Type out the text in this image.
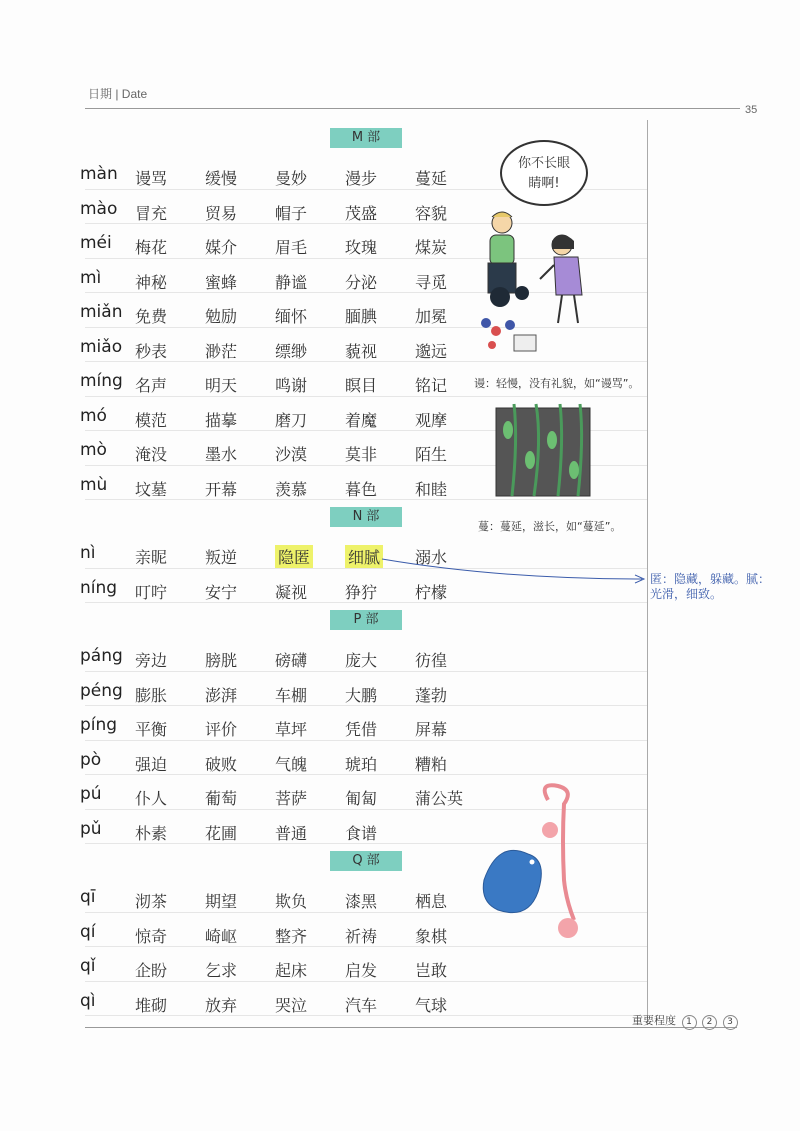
日期 | Date
35
M 部
màn 谩骂 缓慢 曼妙 漫步 蔓延
mào 冒充 贸易 帽子 茂盛 容貌
méi 梅花 媒介 眉毛 玫瑰 煤炭
mì 神秘 蜜蜂 静谧 分泌 寻觅
miǎn 免费 勉励 缅怀 腼腆 加冕
miǎo 秒表 渺茫 缥缈 藐视 邈远
míng 名声 明天 鸣谢 瞑目 铭记
mó 模范 描摹 磨刀 着魔 观摩
mò 淹没 墨水 沙漠 莫非 陌生
mù 坟墓 开幕 羡慕 暮色 和睦
N 部
nì 亲昵 叛逆	隐匿 细腻 溺水
níng 叮咛 安宁 凝视 狰狞 柠檬
P 部
páng 旁边 膀胱 磅礴 庞大 彷徨
péng 膨胀 澎湃 车棚 大鹏 蓬勃
píng 平衡 评价 草坪 凭借 屏幕
pò 强迫 破败 气魄 琥珀 糟粕
pú 仆人 葡萄 菩萨 匍匐 蒲公英
pǔ 朴素 花圃 普通 食谱
Q 部
qī 沏茶 期望 欺负 漆黑 栖息
qí 惊奇 崎岖 整齐 祈祷 象棋
qǐ 企盼 乞求 起床 启发 岂敢
qì 堆砌 放弃 哭泣 汽车 气球
你不长眼
睛啊!
谩：轻慢，没有礼貌，如“谩骂”。
蔓：蔓延，滋长，如“蔓延”。
匿：隐藏，躲藏。腻：光滑，细致。
重要程度 1 2 3
